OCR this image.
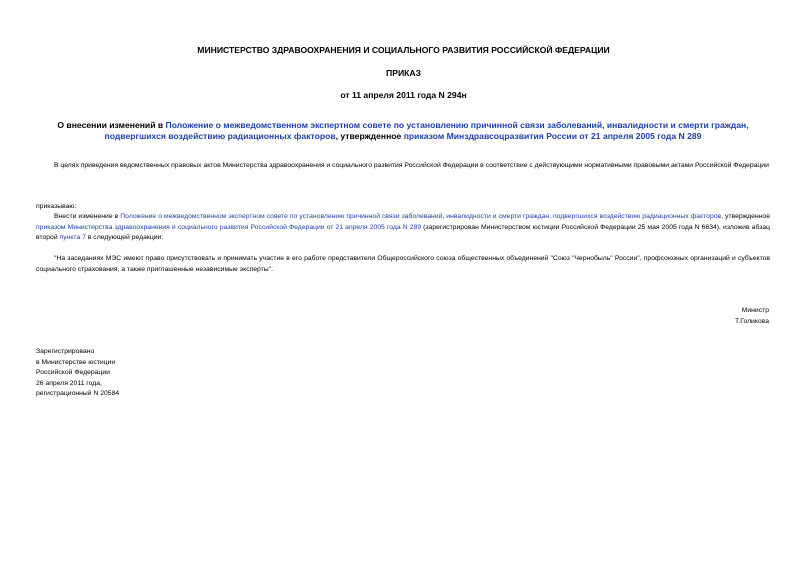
МИНИСТЕРСТВО ЗДРАВООХРАНЕНИЯ И СОЦИАЛЬНОГО РАЗВИТИЯ РОССИЙСКОЙ ФЕДЕРАЦИИ

ПРИКАЗ

от 11 апреля 2011 года N 294н

О внесении изменений в Положение о межведомственном экспертном совете по установлению причинной связи заболеваний, инвалидности и смерти граждан, подвергшихся воздействию радиационных факторов, утвержденное приказом Минздравсоцразвития России от 21 апреля 2005 года N 289

В целях приведения ведомственных правовых актов Министерства здравоохранения и социального развития Российской Федерации в соответствие с действующими нормативными правовыми актами Российской Федерации

приказываю:

Внести изменение в Положение о межведомственном экспертном совете по установлению причинной связи заболеваний, инвалидности и смерти граждан, подвергшихся воздействию радиационных факторов, утвержденное приказом Министерства здравоохранения и социального развития Российской Федерации от 21 апреля 2005 года N 289 (зарегистрирован Министерством юстиции Российской Федерации 25 мая 2005 года N 6634), изложив абзац второй пункта 7 в следующей редакции:

"На заседаниях МЭС имеют право присутствовать и принимать участие в его работе представители Общероссийского союза общественных объединений "Союз "Чернобыль" России", профсоюзных организаций и субъектов социального страхования, а также приглашенные независимые эксперты".

Министр
Т.Голикова
Зарегистрировано
в Министерстве юстиции
Российской Федерации
26 апреля 2011 года,
регистрационный N 20584
